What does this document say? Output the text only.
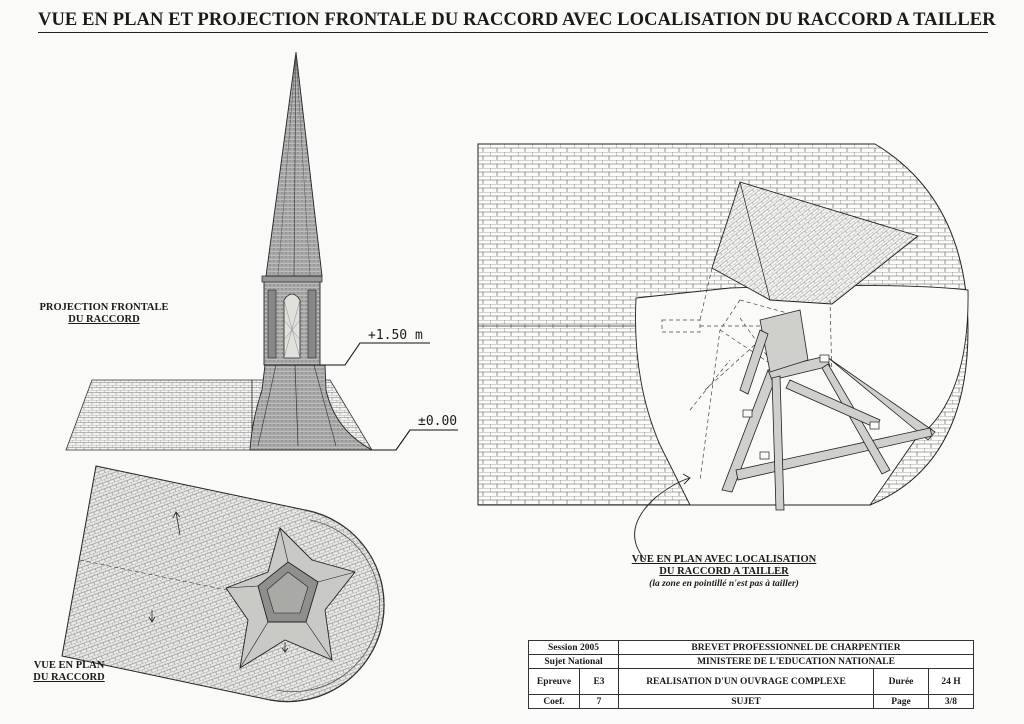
VUE EN PLAN ET PROJECTION FRONTALE DU RACCORD AVEC LOCALISATION DU RACCORD A TAILLER
PROJECTION FRONTALE
DU RACCORD
VUE EN PLAN
DU RACCORD
VUE EN PLAN AVEC LOCALISATION
DU RACCORD A TAILLER
(la zone en pointillé n'est pas à tailler)
+1.50 m
±0.00
Session 2005		BREVET PROFESSIONNEL DE CHARPENTIER		
Sujet National		MINISTERE DE L'EDUCATION NATIONALE		
Epreuve	E3	REALISATION D'UN OUVRAGE COMPLEXE	Durée	24 H
Coef.	7	SUJET	Page	3/8
